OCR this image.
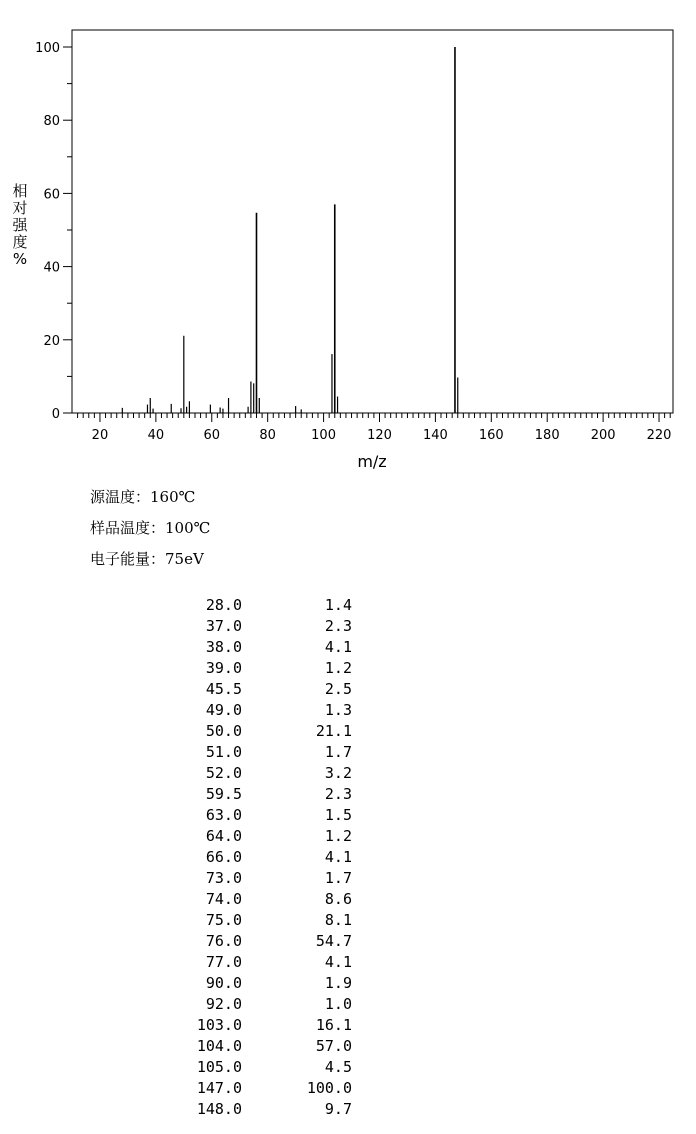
20	40	60	80	100 120 140 160 180 200 220
0
20
40
60
80
100
m/z
相
对
强
度
%
源温度：160℃
样品温度：100℃
电子能量：75eV
28.0	1.4
37.0	2.3
38.0	4.1
39.0	1.2
45.5	2.5
49.0	1.3
50.0	21.1
51.0	1.7
52.0	3.2
59.5	2.3
63.0	1.5
64.0	1.2
66.0	4.1
73.0	1.7
74.0	8.6
75.0	8.1
76.0	54.7
77.0	4.1
90.0	1.9
92.0	1.0
103.0	16.1
104.0	57.0
105.0	4.5
147.0	100.0
148.0	9.7
